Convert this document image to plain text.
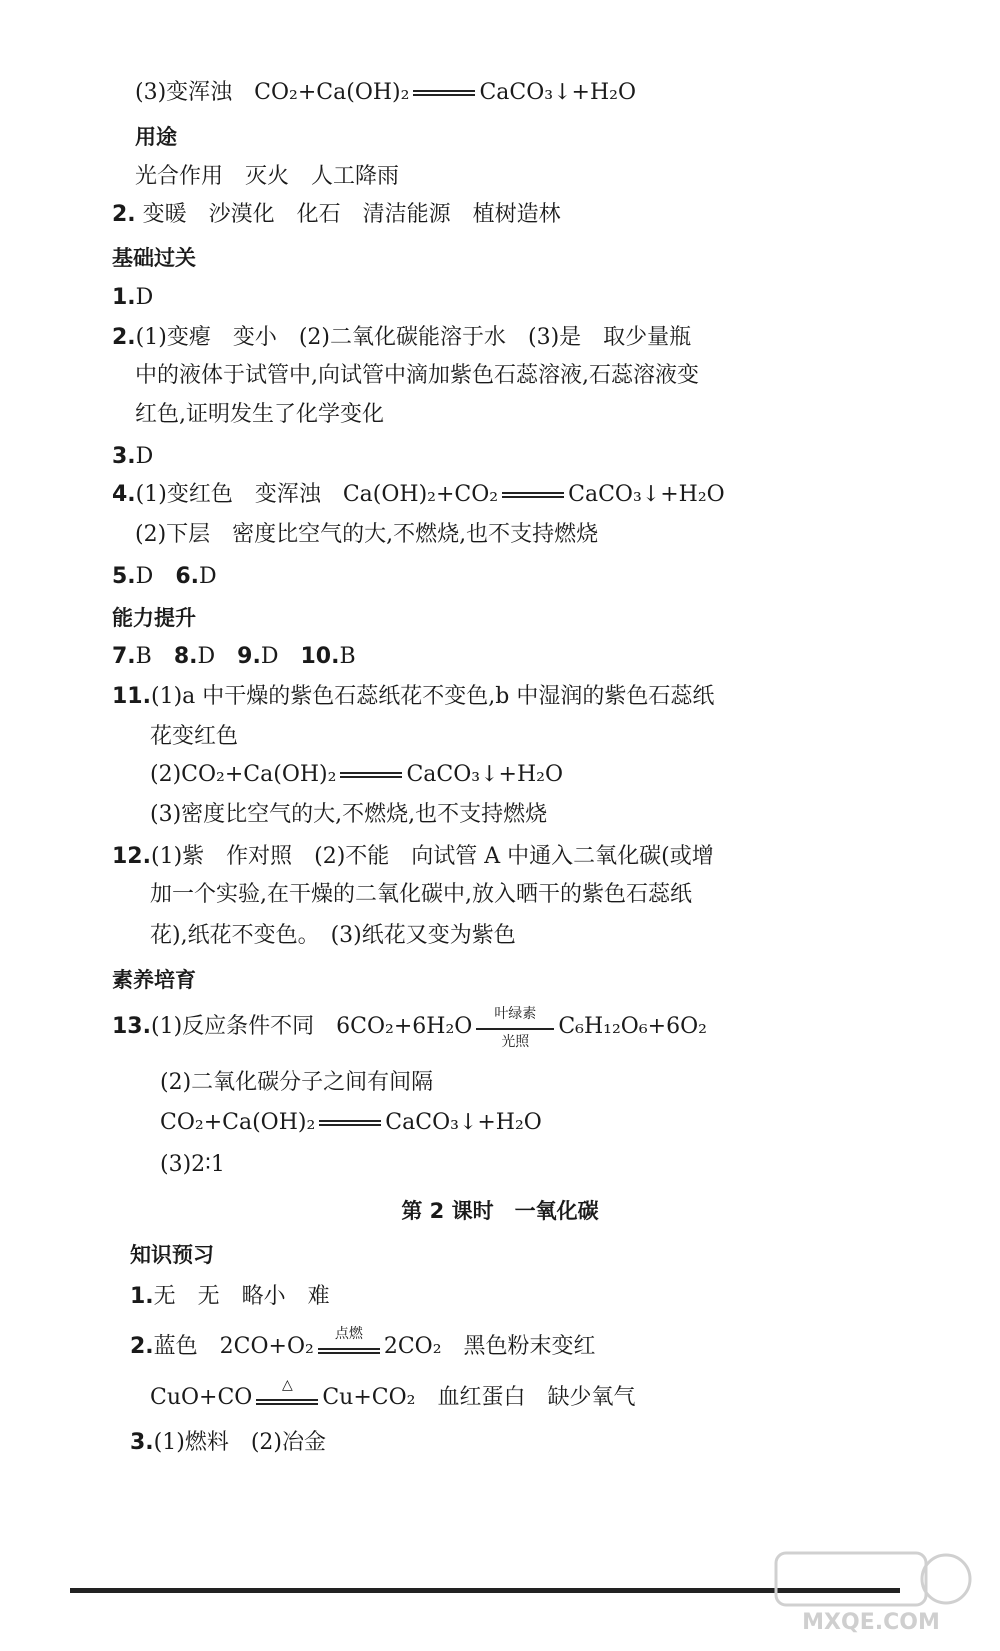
(3)变浑浊 CO₂+Ca(OH)₂	CaCO₃↓+H₂O
用途
光合作用　灭火　人工降雨
2. 变暖　沙漠化　化石　清洁能源　植树造林
基础过关
1.D
2.(1)变瘪　变小　(2)二氧化碳能溶于水　(3)是　取少量瓶
中的液体于试管中,向试管中滴加紫色石蕊溶液,石蕊溶液变
红色,证明发生了化学变化
3.D
4.(1)变红色　变浑浊　Ca(OH)₂+CO₂	CaCO₃↓+H₂O
(2)下层　密度比空气的大,不燃烧,也不支持燃烧
5.D 6.D
能力提升
7.B 8.D 9.D 10.B
11.(1)a 中干燥的紫色石蕊纸花不变色,b 中湿润的紫色石蕊纸
花变红色
(2)CO₂+Ca(OH)₂	CaCO₃↓+H₂O
(3)密度比空气的大,不燃烧,也不支持燃烧
12.(1)紫　作对照　(2)不能　向试管 A 中通入二氧化碳(或增
加一个实验,在干燥的二氧化碳中,放入晒干的紫色石蕊纸
花),纸花不变色。　(3)纸花又变为紫色
素养培育
13.(1)反应条件不同　6CO₂+6H₂O	叶绿素
光照
C₆H₁₂O₆+6O₂
(2)二氧化碳分子之间有间隔
CO₂+Ca(OH)₂	CaCO₃↓+H₂O
(3)2∶1
第 2 课时　一氧化碳
知识预习
1.无　无　略小　难
2.蓝色　2CO+O₂	点燃 2CO₂　黑色粉末变红
CuO+CO	△	Cu+CO₂　血红蛋白　缺少氧气
3.(1)燃料　(2)冶金
MXQE.COM
